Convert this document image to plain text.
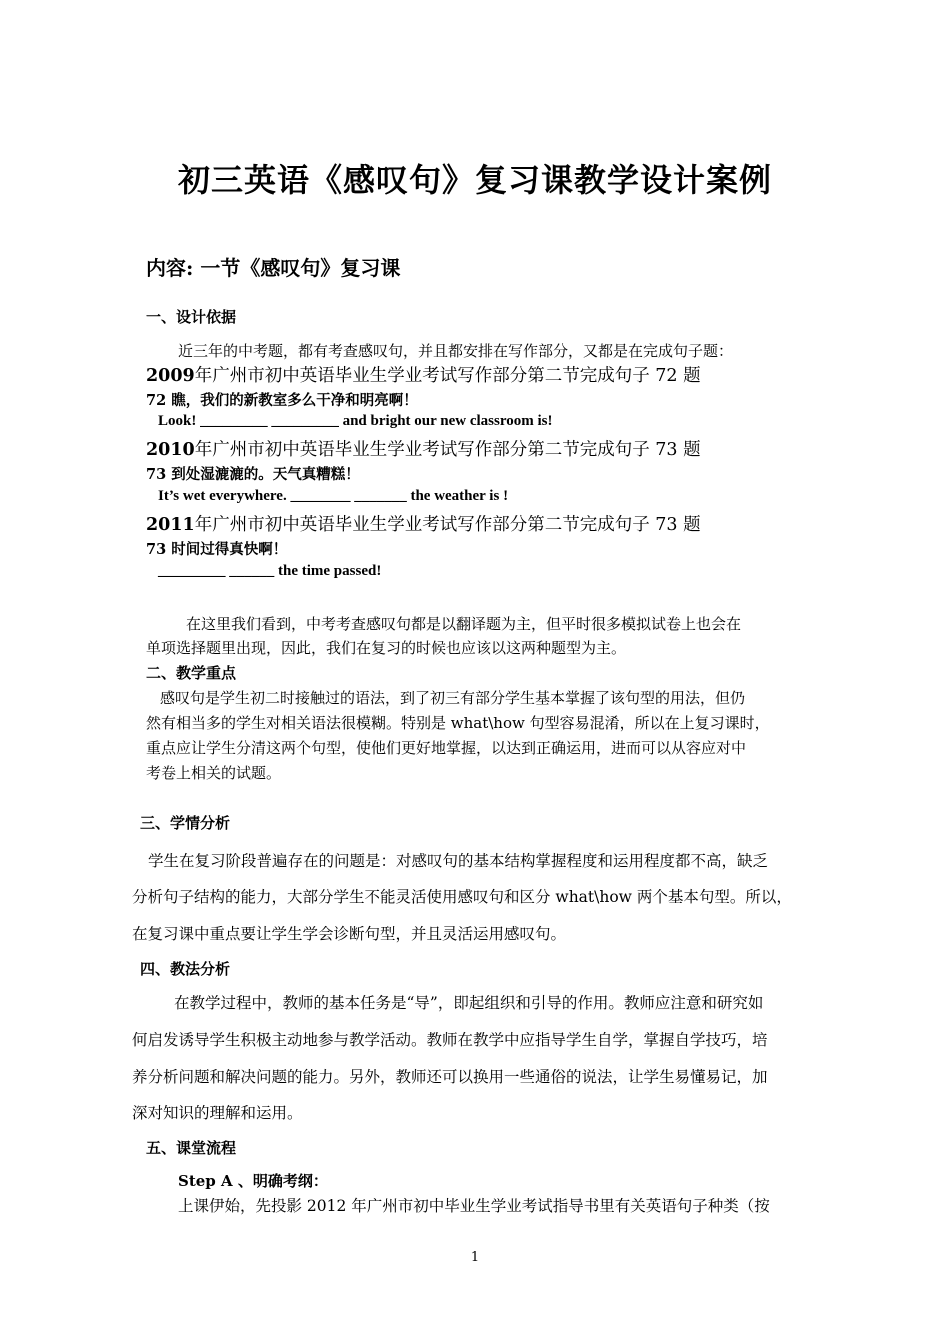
初三英语《感叹句》复习课教学设计案例
内容: 一节《感叹句》复习课
一、设计依据
近三年的中考题，都有考查感叹句，并且都安排在写作部分，又都是在完成句子题：
2009年广州市初中英语毕业生学业考试写作部分第二节完成句子 72 题
72 瞧，我们的新教室多么干净和明亮啊！
Look! _________ _________ and bright our new classroom is!
2010年广州市初中英语毕业生学业考试写作部分第二节完成句子 73 题
73 到处湿漉漉的。天气真糟糕！
It’s wet everywhere. ________ _______ the weather is !
2011年广州市初中英语毕业生学业考试写作部分第二节完成句子 73 题
73 时间过得真快啊！
_________ ______ the time passed!
在这里我们看到，中考考查感叹句都是以翻译题为主，但平时很多模拟试卷上也会在
单项选择题里出现，因此，我们在复习的时候也应该以这两种题型为主。
二、教学重点
感叹句是学生初二时接触过的语法，到了初三有部分学生基本掌握了该句型的用法，但仍
然有相当多的学生对相关语法很模糊。特别是 what\how 句型容易混淆，所以在上复习课时，
重点应让学生分清这两个句型，使他们更好地掌握，以达到正确运用，进而可以从容应对中
考卷上相关的试题。
三、学情分析
学生在复习阶段普遍存在的问题是：对感叹句的基本结构掌握程度和运用程度都不高，缺乏
分析句子结构的能力，大部分学生不能灵活使用感叹句和区分 what\how 两个基本句型。所以，
在复习课中重点要让学生学会诊断句型，并且灵活运用感叹句。
四、教法分析
在教学过程中，教师的基本任务是“导”，即起组织和引导的作用。教师应注意和研究如
何启发诱导学生积极主动地参与教学活动。教师在教学中应指导学生自学，掌握自学技巧，培
养分析问题和解决问题的能力。另外，教师还可以换用一些通俗的说法，让学生易懂易记，加
深对知识的理解和运用。
五、课堂流程
Step A 、明确考纲：
上课伊始，先投影 2012 年广州市初中毕业生学业考试指导书里有关英语句子种类（按
1
